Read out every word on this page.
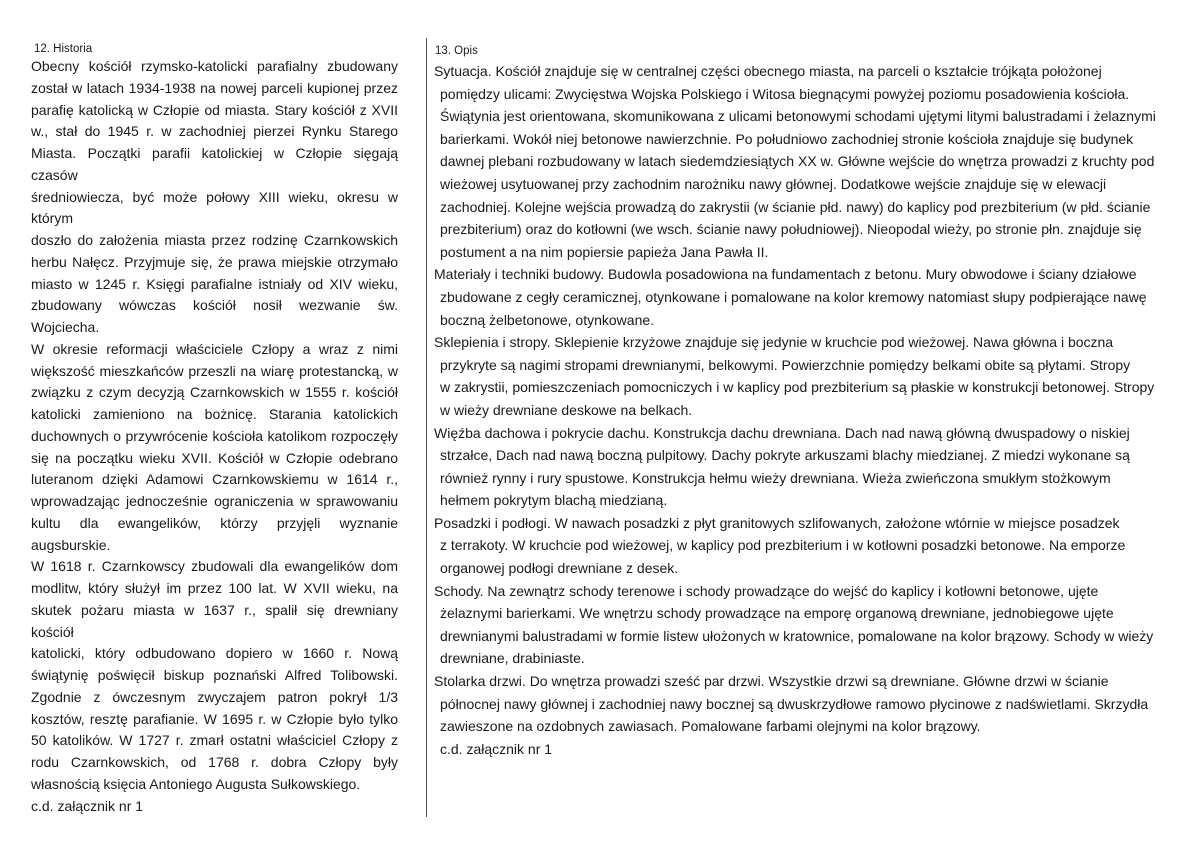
12. Historia

Obecny kościół rzymsko-katolicki parafialny zbudowany

został w latach 1934-1938 na nowej parceli kupionej przez

parafię katolicką w Człopie od miasta. Stary kościół z XVII

w., stał do 1945 r. w zachodniej pierzei Rynku Starego

Miasta. Początki parafii katolickiej w Człopie sięgają czasów

średniowiecza, być może połowy XIII wieku, okresu w którym

doszło do założenia miasta przez rodzinę Czarnkowskich

herbu Nałęcz. Przyjmuje się, że prawa miejskie otrzymało

miasto w 1245 r. Księgi parafialne istniały od XIV wieku,

zbudowany wówczas kościół nosił wezwanie św. Wojciecha.

W okresie reformacji właściciele Człopy a wraz z nimi

większość mieszkańców przeszli na wiarę protestancką, w

związku z czym decyzją Czarnkowskich w 1555 r. kościół

katolicki zamieniono na bożnicę. Starania katolickich

duchownych o przywrócenie kościoła katolikom rozpoczęły

się na początku wieku XVII. Kościół w Człopie odebrano

luteranom dzięki Adamowi Czarnkowskiemu w 1614 r.,

wprowadzając jednocześnie ograniczenia w sprawowaniu

kultu dla ewangelików, którzy przyjęli wyznanie augsburskie.

W 1618 r. Czarnkowscy zbudowali dla ewangelików dom

modlitw, który służył im przez 100 lat. W XVII wieku, na

skutek pożaru miasta w 1637 r., spalił się drewniany kościół

katolicki, który odbudowano dopiero w 1660 r. Nową

świątynię poświęcił biskup poznański Alfred Tolibowski.

Zgodnie z ówczesnym zwyczajem patron pokrył 1/3

kosztów, resztę parafianie. W 1695 r. w Człopie było tylko

50 katolików. W 1727 r. zmarł ostatni właściciel Człopy z

rodu Czarnkowskich, od 1768 r. dobra Człopy były

własnością księcia Antoniego Augusta Sułkowskiego.

c.d. załącznik nr 1

13. Opis

Sytuacja. Kościół znajduje się w centralnej części obecnego miasta, na parceli o kształcie trójkąta położonej

pomiędzy ulicami: Zwycięstwa Wojska Polskiego i Witosa biegnącymi powyżej poziomu posadowienia kościoła.

Świątynia jest orientowana, skomunikowana z ulicami betonowymi schodami ujętymi litymi balustradami i żelaznymi

barierkami. Wokół niej betonowe nawierzchnie. Po południowo zachodniej stronie kościoła znajduje się budynek

dawnej plebani rozbudowany w latach siedemdziesiątych XX w. Główne wejście do wnętrza prowadzi z kruchty pod

wieżowej usytuowanej przy zachodnim narożniku nawy głównej. Dodatkowe wejście znajduje się w elewacji

zachodniej. Kolejne wejścia prowadzą do zakrystii (w ścianie płd. nawy) do kaplicy pod prezbiterium (w płd. ścianie

prezbiterium) oraz do kotłowni (we wsch. ścianie nawy południowej). Nieopodal wieży, po stronie płn. znajduje się

postument a na nim popiersie papieża Jana Pawła II.

Materiały i techniki budowy. Budowla posadowiona na fundamentach z betonu. Mury obwodowe i ściany działowe

zbudowane z cegły ceramicznej, otynkowane i pomalowane na kolor kremowy natomiast słupy podpierające nawę

boczną żelbetonowe, otynkowane.

Sklepienia i stropy. Sklepienie krzyżowe znajduje się jedynie w kruchcie pod wieżowej. Nawa główna i boczna

przykryte są nagimi stropami drewnianymi, belkowymi. Powierzchnie pomiędzy belkami obite są płytami. Stropy

w zakrystii, pomieszczeniach pomocniczych i w kaplicy pod prezbiterium są płaskie w konstrukcji betonowej. Stropy

w wieży drewniane deskowe na belkach.

Więźba dachowa i pokrycie dachu. Konstrukcja dachu drewniana. Dach nad nawą główną dwuspadowy o niskiej

strzałce, Dach nad nawą boczną pulpitowy. Dachy pokryte arkuszami blachy miedzianej. Z miedzi wykonane są

również rynny i rury spustowe. Konstrukcja hełmu wieży drewniana. Wieża zwieńczona smukłym stożkowym

hełmem pokrytym blachą miedzianą.

Posadzki i podłogi. W nawach posadzki z płyt granitowych szlifowanych, założone wtórnie w miejsce posadzek

z terrakoty. W kruchcie pod wieżowej, w kaplicy pod prezbiterium i w kotłowni posadzki betonowe. Na emporze

organowej podłogi drewniane z desek.

Schody. Na zewnątrz schody terenowe i schody prowadzące do wejść do kaplicy i kotłowni betonowe, ujęte

żelaznymi barierkami. We wnętrzu schody prowadzące na emporę organową drewniane, jednobiegowe ujęte

drewnianymi balustradami w formie listew ułożonych w kratownice, pomalowane na kolor brązowy. Schody w wieży

drewniane, drabiniaste.

Stolarka drzwi. Do wnętrza prowadzi sześć par drzwi. Wszystkie drzwi są drewniane. Główne drzwi w ścianie

północnej nawy głównej i zachodniej nawy bocznej są dwuskrzydłowe ramowo płycinowe z nadświetlami. Skrzydła

zawieszone na ozdobnych zawiasach. Pomalowane farbami olejnymi na kolor brązowy.

c.d. załącznik nr 1
